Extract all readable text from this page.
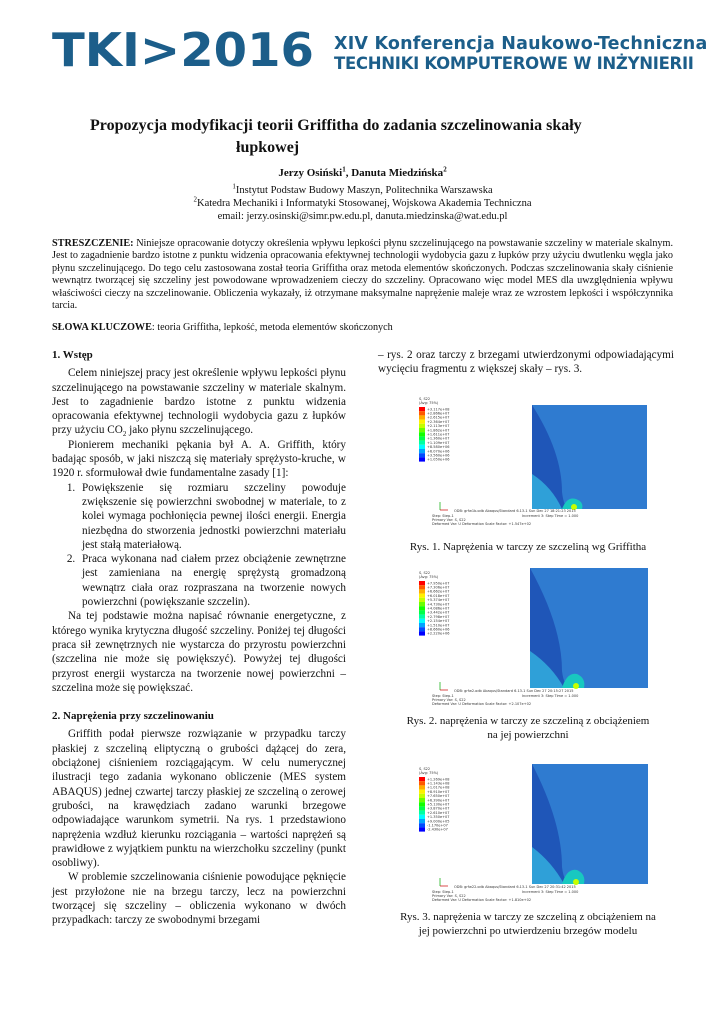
TKI>2016 XIV Konferencja Naukowo-Techniczna
TECHNIKI KOMPUTEROWE W INŻYNIERII
Propozycja modyfikacji teorii Griffitha do zadania szczelinowania skały
łupkowej
Jerzy Osiński$^1$, Danuta Miedzińska$^2$
$^1$Instytut Podstaw Budowy Maszyn, Politechnika Warszawska
$^2$Katedra Mechaniki i Informatyki Stosowanej, Wojskowa Akademia Techniczna
email: jerzy.osinski@simr.pw.edu.pl, danuta.miedzinska@wat.edu.pl
STRESZCZENIE: Niniejsze opracowanie dotyczy określenia wpływu lepkości płynu szczelinującego na powstawanie szczeliny w materiale skalnym. Jest to zagadnienie bardzo istotne z punktu widzenia opracowania efektywnej technologii wydobycia gazu z łupków przy użyciu dwutlenku węgla jako płynu szczelinującego. Do tego celu zastosowana został teoria Griffitha oraz metoda elementów skończonych. Podczas szczelinowania skały ciśnienie wewnątrz tworzącej się szczeliny jest powodowane wprowadzeniem cieczy do szczeliny. Opracowano więc model MES dla uwzględnienia wpływu właściwości cieczy na szczelinowanie. Obliczenia wykazały, iż otrzymane maksymalne naprężenie maleje wraz ze wzrostem lepkości i współczynnika tarcia.
SŁOWA KLUCZOWE: teoria Griffitha, lepkość, metoda elementów skończonych
1. Wstęp

Celem niniejszej pracy jest określenie wpływu lepkości płynu szczelinującego na powstawanie szczeliny w materiale skalnym. Jest to zagadnienie bardzo istotne z punktu widzenia opracowania efektywnej technologii wydobycia gazu z łupków przy użyciu $CO_2$ jako płynu szczelinującego.

Pionierem mechaniki pękania był A. A. Griffith, który badając sposób, w jaki niszczą się materiały sprężysto-kruche, w 1920 r. sformułował dwie fundamentalne zasady [1]:

1. Powiększenie się rozmiaru szczeliny powoduje zwiększenie się powierzchni swobodnej w materiale, to z kolei wymaga pochłonięcia pewnej ilości energii. Energia niezbędna do stworzenia jednostki powierzchni materiału jest stałą materiałową.
2. Praca wykonana nad ciałem przez obciążenie zewnętrzne jest zamieniana na energię sprężystą gromadzoną wewnątrz ciała oraz rozpraszana na tworzenie nowych powierzchni (powiększanie szczelin).

Na tej podstawie można napisać równanie energetyczne, z którego wynika krytyczna długość szczeliny. Poniżej tej długości praca sił zewnętrznych nie wystarcza do przyrostu powierzchni (szczelina nie może się powiększyć). Powyżej tej długości przyrost energii wystarcza na tworzenie nowej powierzchni – szczelina może się powiększać.

2. Naprężenia przy szczelinowaniu

Griffith podał pierwsze rozwiązanie w przypadku tarczy płaskiej z szczeliną eliptyczną o grubości dążącej do zera, obciążonej ciśnieniem rozciągającym. W celu numerycznej ilustracji tego zadania wykonano obliczenie (MES system ABAQUS) jednej czwartej tarczy płaskiej ze szczeliną o zerowej grubości, na krawędziach zadano warunki brzegowe odpowiadające warunkom symetrii. Na rys. 1 przedstawiono naprężenia wzdłuż kierunku rozciągania – wartości naprężeń są prawidłowe z wyjątkiem punktu na wierzchołku szczeliny (punkt osobliwy).

W problemie szczelinowania ciśnienie powodujące pęknięcie jest przyłożone nie na brzegu tarczy, lecz na powierzchni tworzącej się szczeliny – obliczenia wykonano w dwóch przypadkach: tarczy ze swobodnymi brzegami

– rys. 2 oraz tarczy z brzegami utwierdzonymi odpowiadającymi wycięciu fragmentu z większej skały – rys. 3.

S, S22
(Avg: 75%)
+3.117e+08
+2.866e+07
+2.615e+07
+2.364e+07
+2.113e+07
+1.862e+07
+1.611e+07
+1.360e+07
+1.109e+07
+8.580e+06
+6.070e+06
+3.560e+06
+1.050e+06
ODB: grfw1b.odb Abaqus/Standard 6.13-1 Sun Dec 27 18:21:23 2015
Step: Step-1
Primary Var: S, S22
Deformed Var: U Deformation Scale Factor: +1.547e+02
Increment 3: Step Time = 1.000
Rys. 1. Naprężenia w tarczy ze szczeliną wg Griffitha
S, S22
(Avg: 75%)
+7.950e+07
+7.306e+07
+6.662e+07
+6.018e+07
+5.374e+07
+4.730e+07
+4.086e+07
+3.442e+07
+2.798e+07
+2.154e+07
+1.510e+07
+8.660e+06
+2.220e+06
ODB: grfw2.odb Abaqus/Standard 6.13-1 Sun Dec 27 20:15:27 2015
Step: Step-1
Primary Var: S, S22
Deformed Var: U Deformation Scale Factor: +2.107e+02
Increment 3: Step Time = 1.000
Rys. 2. naprężenia w tarczy ze szczeliną z obciążeniem
na jej powierzchni
S, S22
(Avg: 75%)
+1.269e+08
+1.143e+08
+1.017e+08
+8.910e+07
+7.650e+07
+6.390e+07
+5.130e+07
+3.870e+07
+2.610e+07
+1.350e+07
+9.000e+05
-1.170e+07
-2.430e+07
ODB: grfw22.odb Abaqus/Standard 6.13-1 Sun Dec 27 20:31:42 2015
Step: Step-1
Primary Var: S, S22
Deformed Var: U Deformation Scale Factor: +1.810e+02
Increment 3: Step Time = 1.000
Rys. 3. naprężenia w tarczy ze szczeliną z obciążeniem na
jej powierzchni po utwierdzeniu brzegów modelu
